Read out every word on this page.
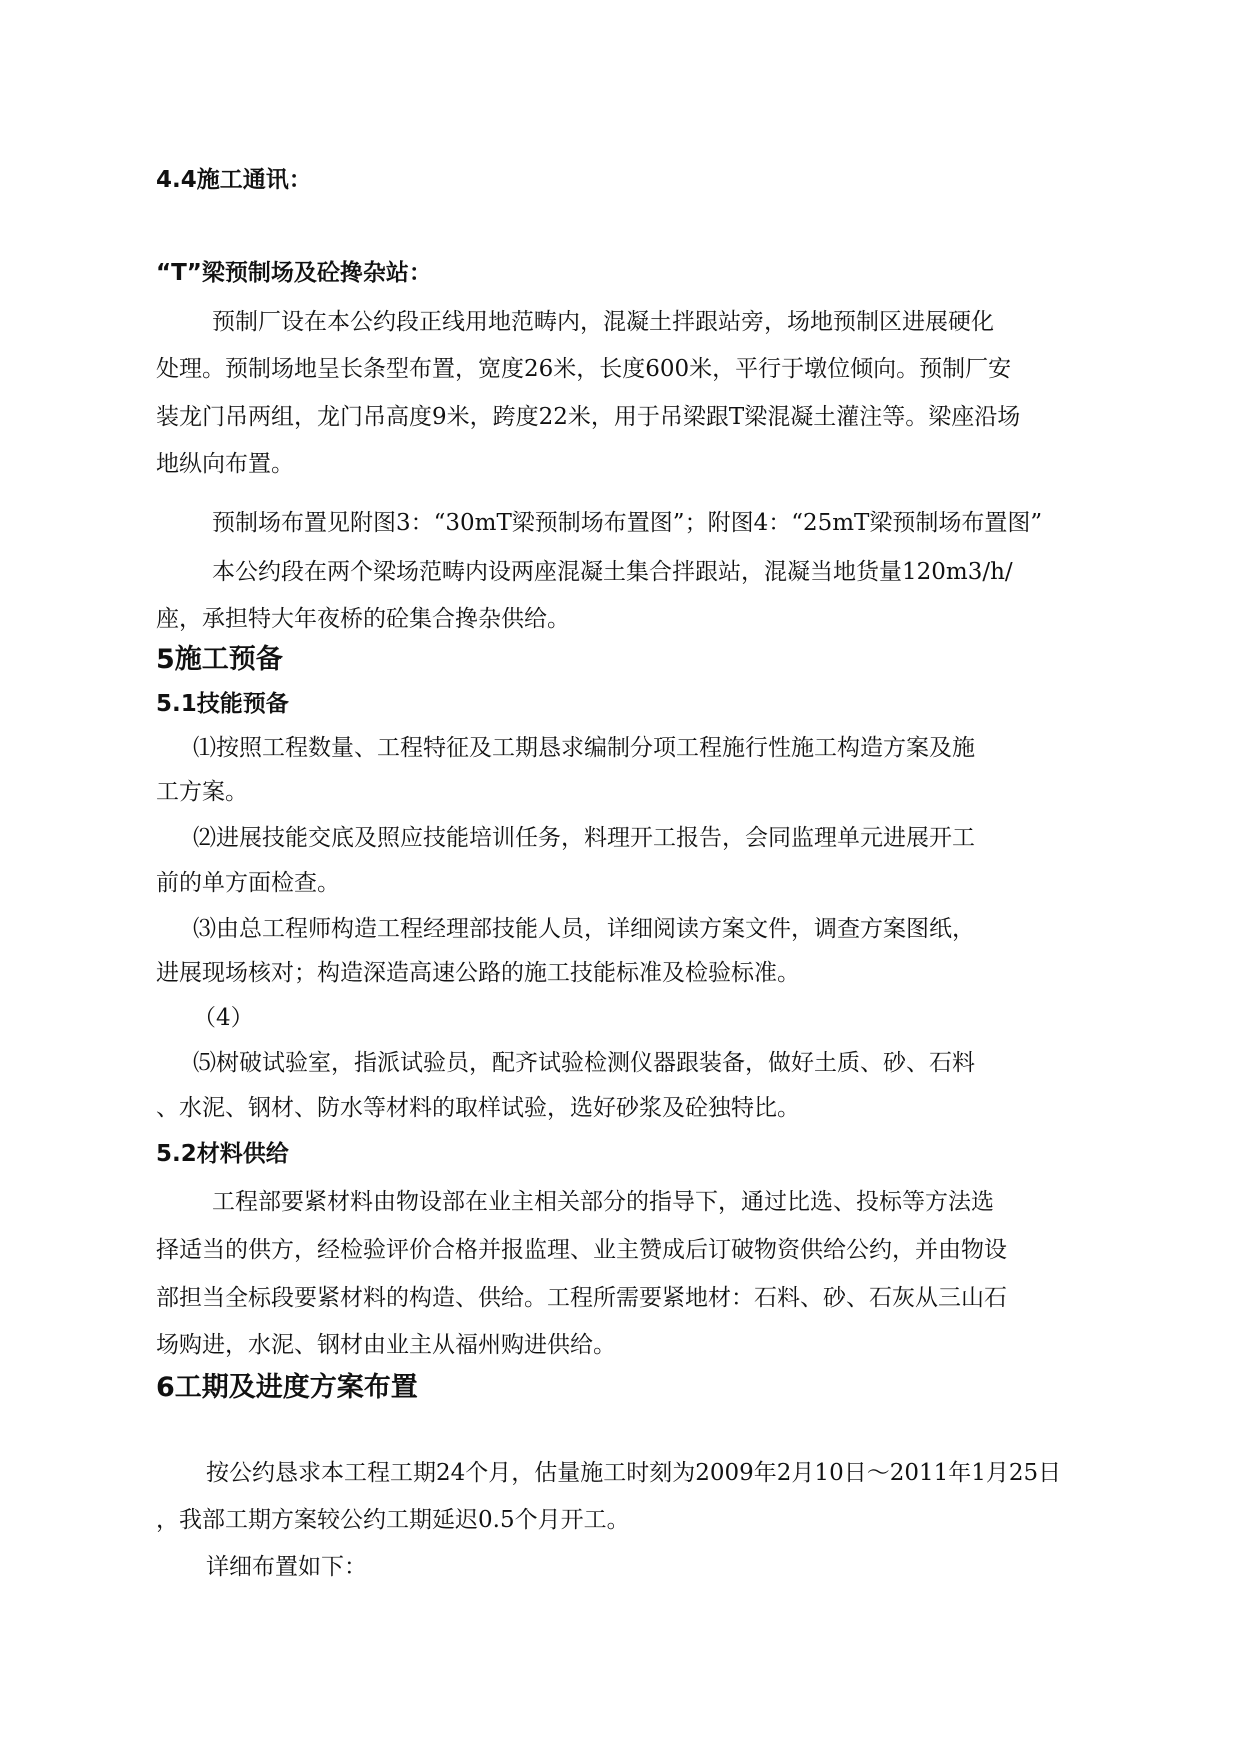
4.4施工通讯：
“T”梁预制场及砼搀杂站：
预制厂设在本公约段正线用地范畴内，混凝土拌跟站旁，场地预制区进展硬化
处理。预制场地呈长条型布置，宽度26米，长度600米，平行于墩位倾向。预制厂安
装龙门吊两组，龙门吊高度9米，跨度22米，用于吊梁跟T梁混凝土灌注等。梁座沿场
地纵向布置。
预制场布置见附图3：“30mT梁预制场布置图”；附图4：“25mT梁预制场布置图”
本公约段在两个梁场范畴内设两座混凝土集合拌跟站，混凝当地货量120m3/h/
座，承担特大年夜桥的砼集合搀杂供给。
5施工预备
5.1技能预备
⑴按照工程数量、工程特征及工期恳求编制分项工程施行性施工构造方案及施
工方案。
⑵进展技能交底及照应技能培训任务，料理开工报告，会同监理单元进展开工
前的单方面检查。
⑶由总工程师构造工程经理部技能人员，详细阅读方案文件，调查方案图纸，
进展现场核对；构造深造高速公路的施工技能标准及检验标准。
（4）
⑸树破试验室，指派试验员，配齐试验检测仪器跟装备，做好土质、砂、石料
、水泥、钢材、防水等材料的取样试验，选好砂浆及砼独特比。
5.2材料供给
工程部要紧材料由物设部在业主相关部分的指导下，通过比选、投标等方法选
择适当的供方，经检验评价合格并报监理、业主赞成后订破物资供给公约，并由物设
部担当全标段要紧材料的构造、供给。工程所需要紧地材：石料、砂、石灰从三山石
场购进，水泥、钢材由业主从福州购进供给。
6工期及进度方案布置
按公约恳求本工程工期24个月，估量施工时刻为2009年2月10日～2011年1月25日
，我部工期方案较公约工期延迟0.5个月开工。
详细布置如下：
